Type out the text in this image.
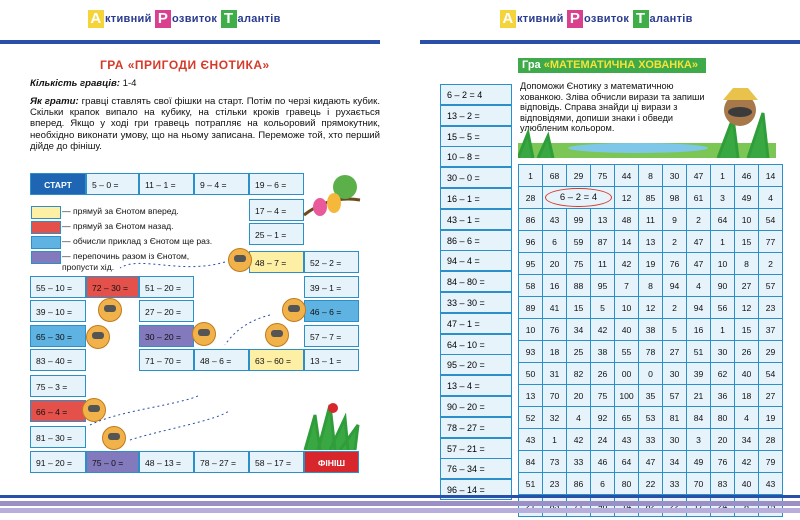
А ктивний Р озвиток Т алантів	А ктивний Р озвиток Т алантів
ГРА «ПРИГОДИ ЄНОТИКА»
Кількість гравців: 1-4
Як грати: гравці ставлять свої фішки на старт. Потім по черзі кидають кубик. Скільки крапок випало на кубику, на стільки кроків гравець і рухається вперед. Якщо у ході гри гравець потрапляє на кольоровий прямокутник, необхідно виконати умову, що на ньому записана. Переможе той, хто перший дійде до фінішу.
СТАРТ	5 – 0 =	11 – 1 =	9 – 4 =	19 – 6 =
17 – 4 =
25 – 1 =
48 – 7 =	52 – 2 =
39 – 1 =
46 – 6 =
57 – 7 =
13 – 1 =
63 – 60 =
48 – 6 =
71 – 70 =
51 – 20 =
27 – 20 =
30 – 20 =
72 – 30 =
55 – 10 =
39 – 10 =
65 – 30 =
83 – 40 =
75 – 3 =
66 – 4 =
81 – 30 =
91 – 20 =	75 – 0 =	48 – 13 =	78 – 27 =	58 – 17 =	ФІНІШ
— прямуй за Єнотом вперед.
— прямуй за Єнотом назад.
— обчисли приклад з Єнотом ще раз.
— перепочинь разом із Єнотом, пропусти хід.
Гра «МАТЕМАТИЧНА ХОВАНКА»
Допоможи Єнотику з математичною хованкою. Зліва обчисли вирази та запиши відповідь. Справа знайди ці вирази з відповідями, допиши знаки і обведи улюбленим кольором.
6 – 2 = 4
13 – 2 =
15 – 5 =
10 – 8 =
30 – 0 =
16 – 1 =
43 – 1 =
86 – 6 =
94 – 4 =
84 – 80 =
33 – 30 =
47 – 1 =
64 – 10 =
95 – 20 =
13 – 4 =
90 – 20 =
78 – 27 =
57 – 21 =
76 – 34 =
96 – 14 =
1	68	29	75	44	8	30	47	1	46	14
28	6 – 2 = 4			12	85	98	61	3	49	4
86	43	99	13	48	11	9	2	64	10	54
96	6	59	87	14	13	2	47	1	15	77
95	20	75	11	42	19	76	47	10	8	2
58	16	88	95	7	8	94	4	90	27	57
89	41	15	5	10	12	2	94	56	12	23
10	76	34	42	40	38	5	16	1	15	37
93	18	25	38	55	78	27	51	30	26	29
50	31	82	26	00	0	30	39	62	40	54
13	70	20	75	100	35	57	21	36	18	27
52	32	4	92	65	53	81	84	80	4	19
43	1	42	24	43	33	30	3	20	34	28
84	73	33	46	64	47	34	49	76	42	79
51	23	86	6	80	22	33	70	83	40	43
